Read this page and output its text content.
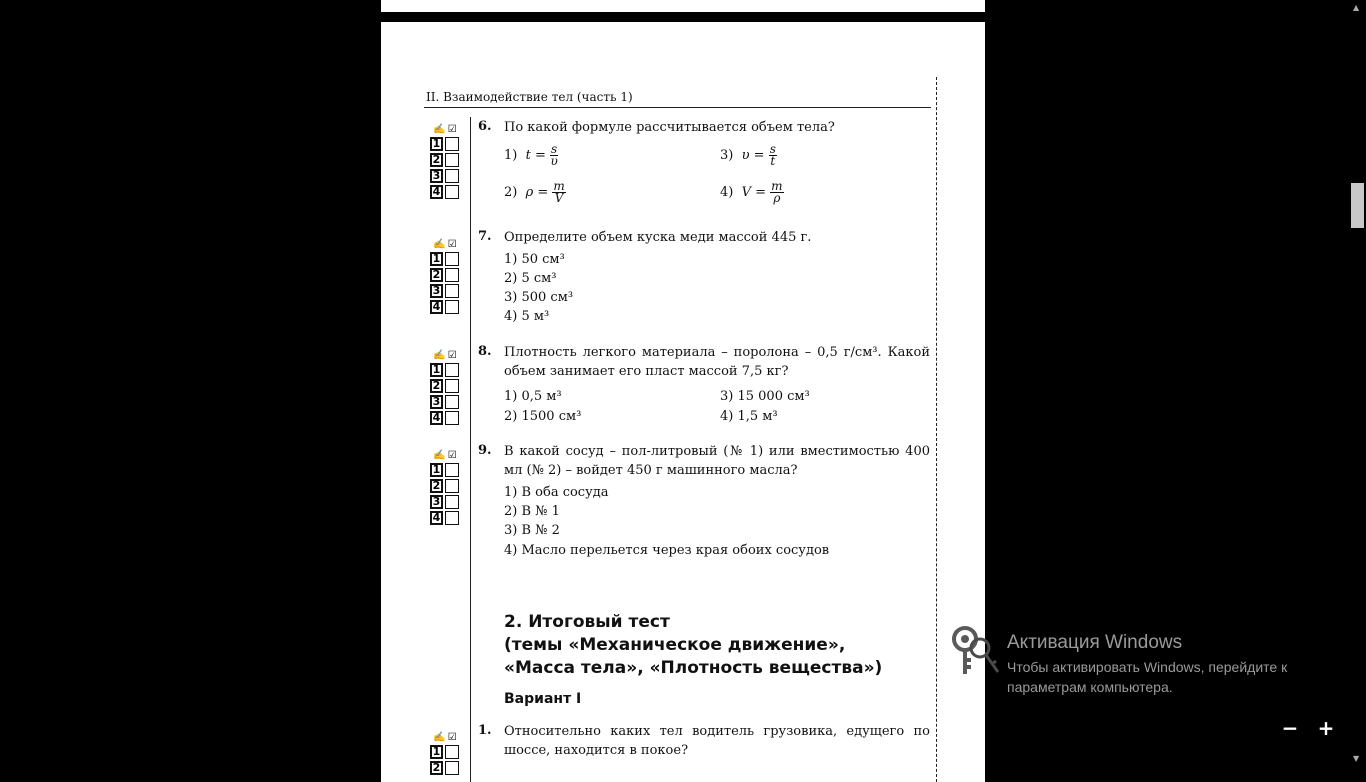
II. Взаимодействие тел (часть 1)
✍☑
1
2
3
4
6. По какой формуле рассчитывается объем тела?
1) $t = \frac{s}{\upsilon}$	3) $\upsilon = \frac{s}{t}$
2) $\rho = \frac{m}{V}$	4) $V = \frac{m}{\rho}$
✍☑
1
2
3
4
7. Определите объем куска меди массой 445 г.
1) 50 см³
2) 5 см³
3) 500 см³
4) 5 м³
✍☑
1
2
3
4
8. Плотность легкого материала – поролона – 0,5 г/см³. Какой объем занимает его пласт массой 7,5 кг?
1) 0,5 м³	3) 15 000 см³
2) 1500 см³	4) 1,5 м³
✍☑
1
2
3
4
9. В какой сосуд – пол-литровый (№ 1) или вместимостью 400 мл (№ 2) – войдет 450 г машинного масла?
1) В оба сосуда
2) В № 1
3) В № 2
4) Масло перельется через края обоих сосудов
2. Итоговый тест
(темы «Механическое движение»,
«Масса тела», «Плотность вещества»)
Вариант I
✍☑
1
2
1. Относительно каких тел водитель грузовика, едущего по шоссе, находится в покое?
Активация Windows
Чтобы активировать Windows, перейдите к параметрам компьютера.
− +
▲
▼
